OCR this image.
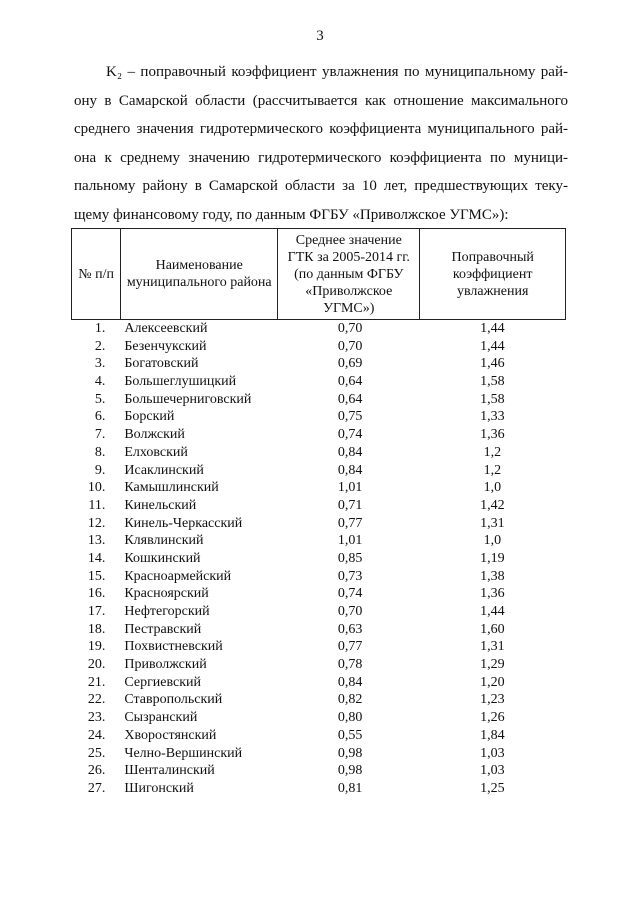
3
K₂ – поправочный коэффициент увлажнения по муниципальному рай-
ону в Самарской области (рассчитывается как отношение максимального
среднего значения гидротермического коэффициента муниципального рай-
она к среднему значению гидротермического коэффициента по муници-
пальному району в Самарской области за 10 лет, предшествующих теку-
щему финансовому году, по данным ФГБУ «Приволжское УГМС»):
№ п/п	Наименование муниципального района	Среднее значение ГТК за 2005-2014 гг. (по данным ФГБУ «Приволжское УГМС»)	Поправочный коэффициент увлажнения
1.	Алексеевский	0,70	1,44
2.	Безенчукский	0,70	1,44
3.	Богатовский	0,69	1,46
4.	Большеглушицкий	0,64	1,58
5.	Большечерниговский	0,64	1,58
6.	Борский	0,75	1,33
7.	Волжский	0,74	1,36
8.	Елховский	0,84	1,2
9.	Исаклинский	0,84	1,2
10.	Камышлинский	1,01	1,0
11.	Кинельский	0,71	1,42
12.	Кинель-Черкасский	0,77	1,31
13.	Клявлинский	1,01	1,0
14.	Кошкинский	0,85	1,19
15.	Красноармейский	0,73	1,38
16.	Красноярский	0,74	1,36
17.	Нефтегорский	0,70	1,44
18.	Пестравский	0,63	1,60
19.	Похвистневский	0,77	1,31
20.	Приволжский	0,78	1,29
21.	Сергиевский	0,84	1,20
22.	Ставропольский	0,82	1,23
23.	Сызранский	0,80	1,26
24.	Хворостянский	0,55	1,84
25.	Челно-Вершинский	0,98	1,03
26.	Шенталинский	0,98	1,03
27.	Шигонский	0,81	1,25
